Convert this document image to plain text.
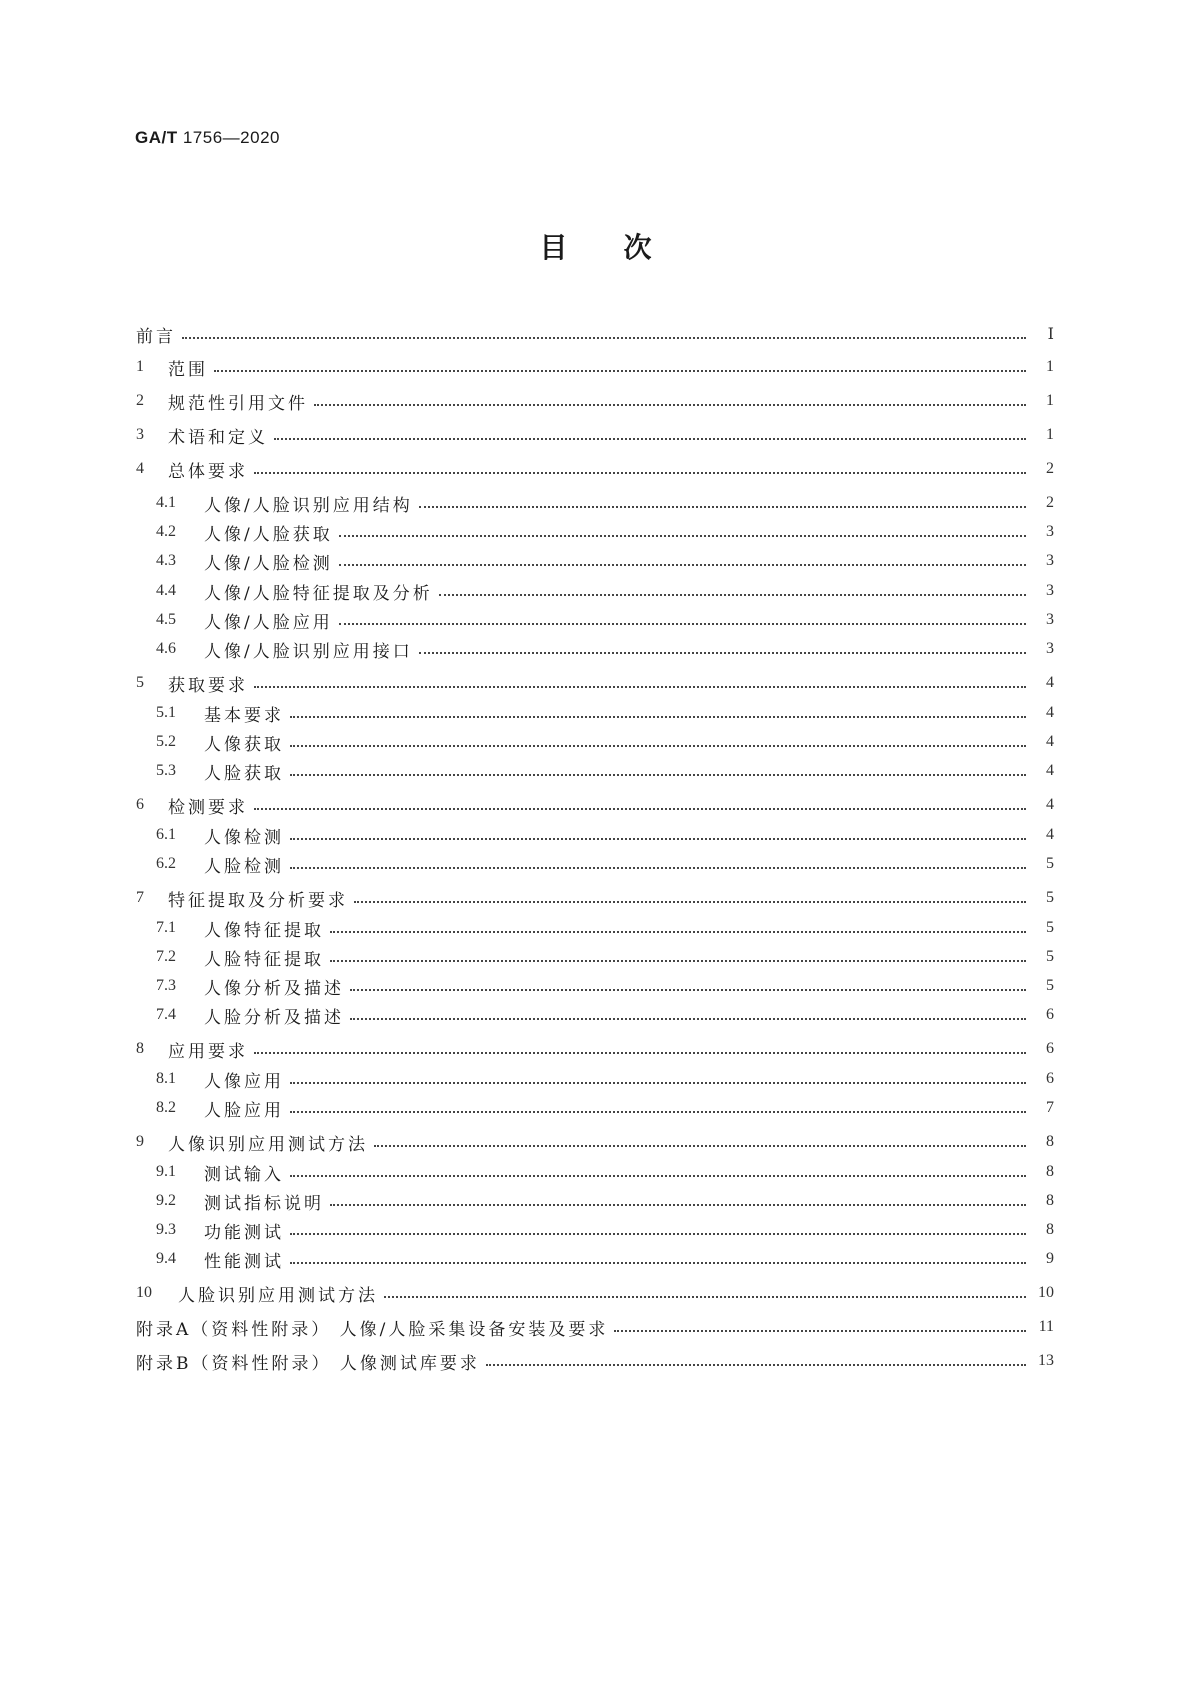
GA/T 1756—2020

目次
前言	Ⅰ
1	范围	1
2	规范性引用文件	1
3	术语和定义	1
4	总体要求	2
4.1	人像/人脸识别应用结构	2
4.2	人像/人脸获取	3
4.3	人像/人脸检测	3
4.4	人像/人脸特征提取及分析	3
4.5	人像/人脸应用	3
4.6	人像/人脸识别应用接口	3
5	获取要求	4
5.1	基本要求	4
5.2	人像获取	4
5.3	人脸获取	4
6	检测要求	4
6.1	人像检测	4
6.2	人脸检测	5
7	特征提取及分析要求	5
7.1	人像特征提取	5
7.2	人脸特征提取	5
7.3	人像分析及描述	5
7.4	人脸分析及描述	6
8	应用要求	6
8.1	人像应用	6
8.2	人脸应用	7
9	人像识别应用测试方法	8
9.1	测试输入	8
9.2	测试指标说明	8
9.3	功能测试	8
9.4	性能测试	9
10	人脸识别应用测试方法	10
附录A（资料性附录） 人像/人脸采集设备安装及要求	11
附录B（资料性附录） 人像测试库要求	13
